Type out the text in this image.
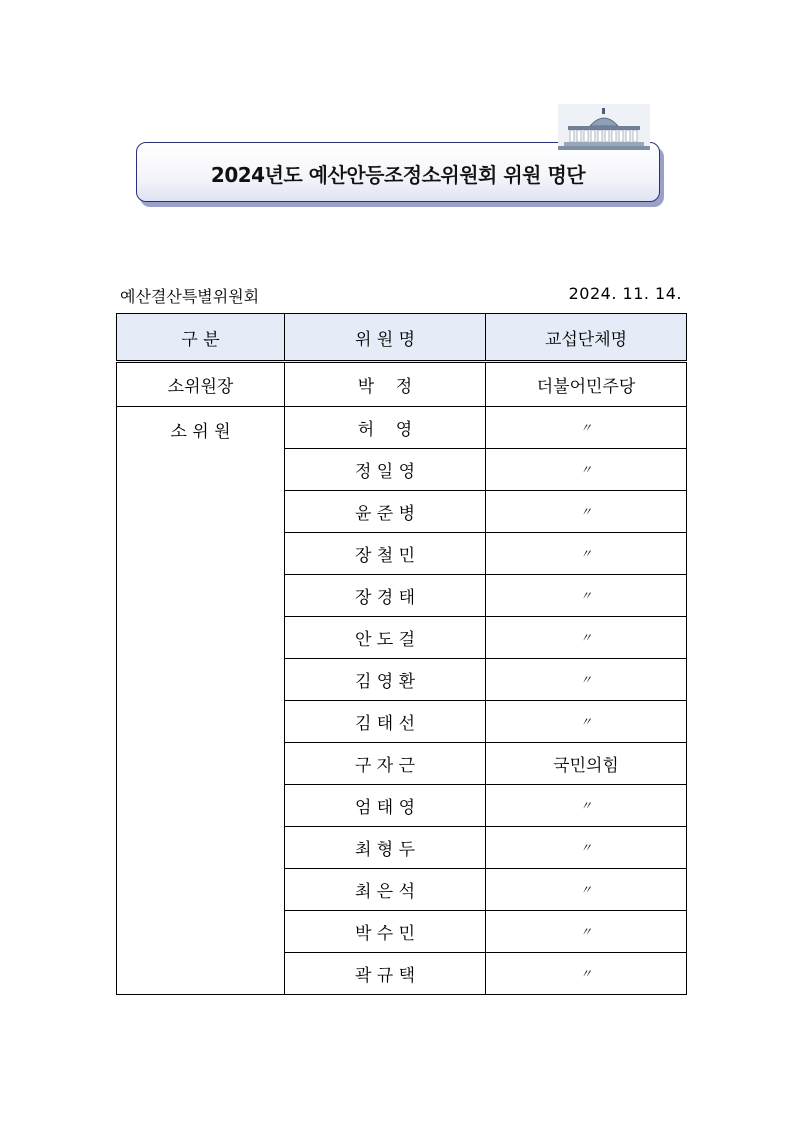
2024년도 예산안등조정소위원회 위원 명단
예산결산특별위원회	2024. 11. 14.
구 분	위 원 명	교섭단체명
소위원장	박    정	더불어민주당
소 위 원	허    영	〃
	정 일 영	〃
	윤 준 병	〃
	장 철 민	〃
	장 경 태	〃
	안 도 걸	〃
	김 영 환	〃
	김 태 선	〃
	구 자 근	국민의힘
	엄 태 영	〃
	최 형 두	〃
	최 은 석	〃
	박 수 민	〃
	곽 규 택	〃
